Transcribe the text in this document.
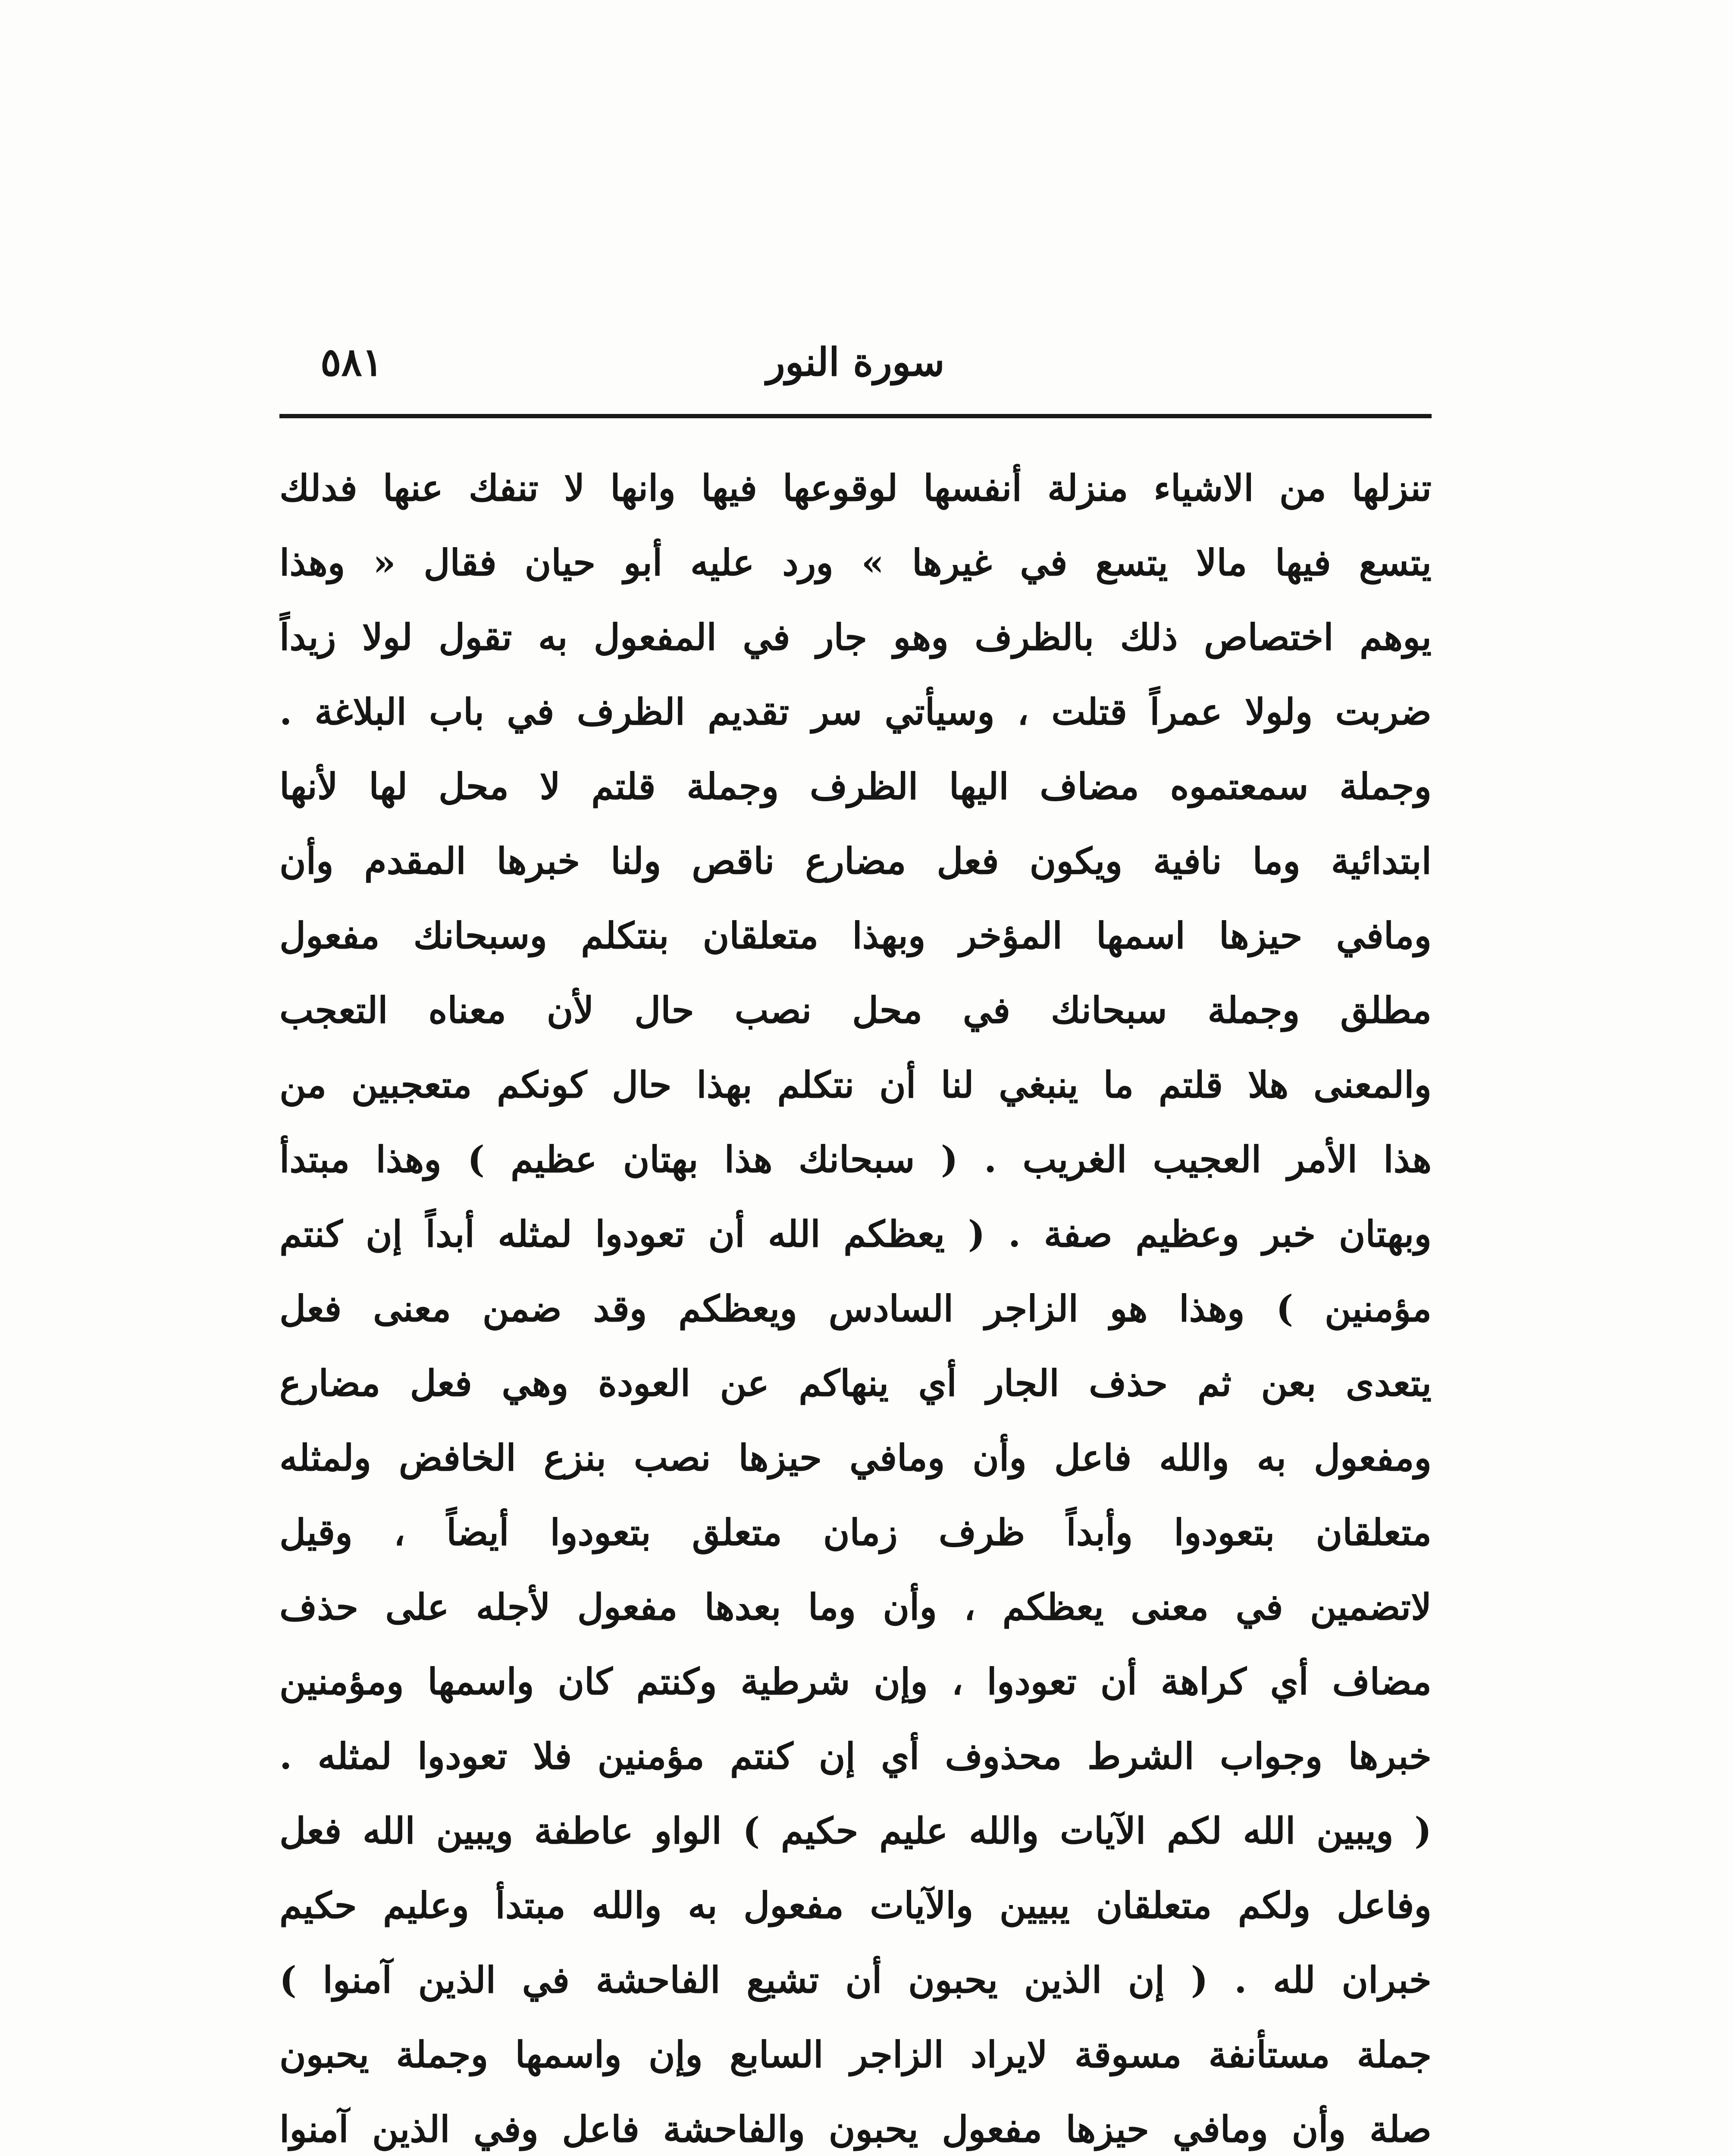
سورة النور
٥٨١
تنزلها من الاشياء منزلة أنفسها لوقوعها فيها وانها لا تنفك عنها فدلك
يتسع فيها مالا يتسع في غيرها » ورد عليه أبو حيان فقال « وهذا
يوهم اختصاص ذلك بالظرف وهو جار في المفعول به تقول لولا زيداً
ضربت ولولا عمراً قتلت ، وسيأتي سر تقديم الظرف في باب البلاغة .
وجملة سمعتموه مضاف اليها الظرف وجملة قلتم لا محل لها لأنها
ابتدائية وما نافية ويكون فعل مضارع ناقص ولنا خبرها المقدم وأن
ومافي حيزها اسمها المؤخر وبهذا متعلقان بنتكلم وسبحانك مفعول
مطلق وجملة سبحانك في محل نصب حال لأن معناه التعجب
والمعنى هلا قلتم ما ينبغي لنا أن نتكلم بهذا حال كونكم متعجبين من
هذا الأمر العجيب الغريب . ( سبحانك هذا بهتان عظيم ) وهذا مبتدأ
وبهتان خبر وعظيم صفة . ( يعظكم الله أن تعودوا لمثله أبداً إن كنتم
مؤمنين ) وهذا هو الزاجر السادس ويعظكم وقد ضمن معنى فعل
يتعدى بعن ثم حذف الجار أي ينهاكم عن العودة وهي فعل مضارع
ومفعول به والله فاعل وأن ومافي حيزها نصب بنزع الخافض ولمثله
متعلقان بتعودوا وأبداً ظرف زمان متعلق بتعودوا أيضاً ، وقيل
لاتضمين في معنى يعظكم ، وأن وما بعدها مفعول لأجله على حذف
مضاف أي كراهة أن تعودوا ، وإن شرطية وكنتم كان واسمها ومؤمنين
خبرها وجواب الشرط محذوف أي إن كنتم مؤمنين فلا تعودوا لمثله .
( ويبين الله لكم الآيات والله عليم حكيم ) الواو عاطفة ويبين الله فعل
وفاعل ولكم متعلقان يبيين والآيات مفعول به والله مبتدأ وعليم حكيم
خبران لله . ( إن الذين يحبون أن تشيع الفاحشة في الذين آمنوا )
جملة مستأنفة مسوقة لايراد الزاجر السابع وإن واسمها وجملة يحبون
صلة وأن ومافي حيزها مفعول يحبون والفاحشة فاعل وفي الذين آمنوا
